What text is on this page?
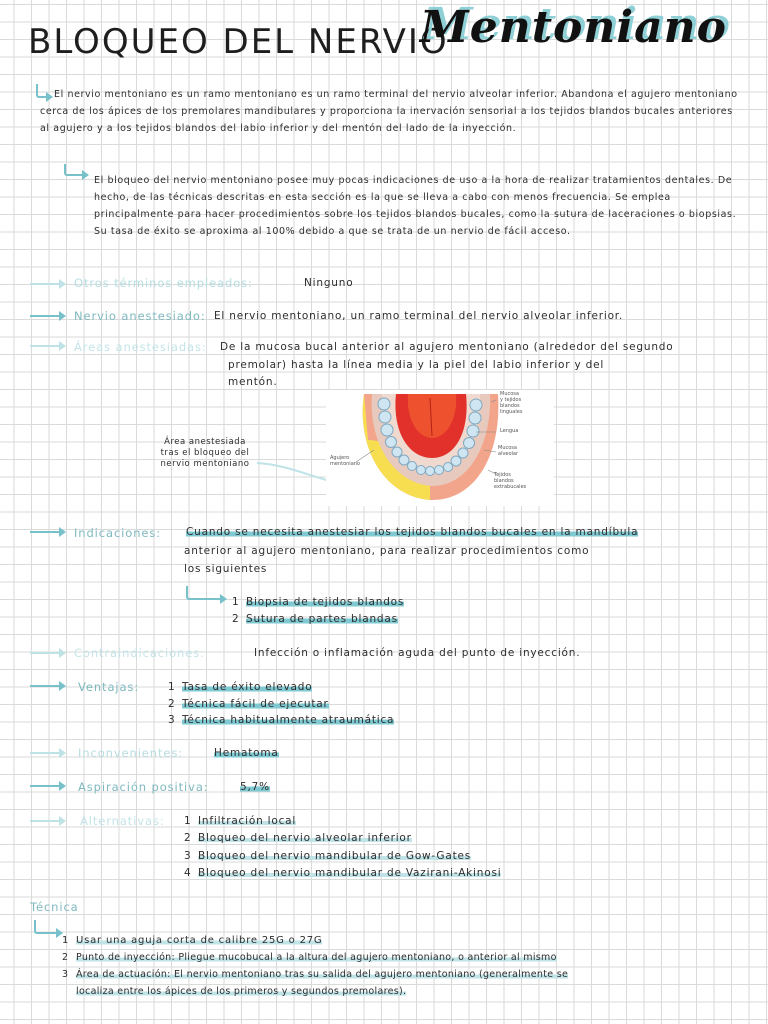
BLOQUEO DEL NERVIO
Mentoniano
El nervio mentoniano es un ramo mentoniano es un ramo terminal del nervio alveolar inferior. Abandona el agujero mentoniano cerca de los ápices de los premolares mandibulares y proporciona la inervación sensorial a los tejidos blandos bucales anteriores al agujero y a los tejidos blandos del labio inferior y del mentón del lado de la inyección.
El bloqueo del nervio mentoniano posee muy pocas indicaciones de uso a la hora de realizar tratamientos dentales. De hecho, de las técnicas descritas en esta sección es la que se lleva a cabo con menos frecuencia. Se emplea principalmente para hacer procedimientos sobre los tejidos blandos bucales, como la sutura de laceraciones o biopsias. Su tasa de éxito se aproxima al 100% debido a que se trata de un nervio de fácil acceso.
Otros términos empleados:	Ninguno
Nervio anestesiado: El nervio mentoniano, un ramo terminal del nervio alveolar inferior.
Áreas anestesiadas: De la mucosa bucal anterior al agujero mentoniano (alrededor del segundo
premolar) hasta la línea media y la piel del labio inferior y del
mentón.
Área anestesiada
tras el bloqueo del
nervio mentoniano
Mucosa
y tejidos
blandos
linguales
Lengua
Mucosa
alveolar
Agujero
mentoniano
Tejidos
blandos
extrabucales
Indicaciones: Cuando se necesita anestesiar los tejidos blandos bucales en la mandíbula
anterior al agujero mentoniano, para realizar procedimientos como
los siguientes
1 Biopsia de tejidos blandos
2 Sutura de partes blandas
Contraindicaciones:	Infección o inflamación aguda del punto de inyección.
Ventajas:	1 Tasa de éxito elevado
2 Técnica fácil de ejecutar
3 Técnica habitualmente atraumática
Inconvenientes:	Hematoma
Aspiración positiva:	5,7%
Alternativas: 1 Infiltración local
2 Bloqueo del nervio alveolar inferior
3 Bloqueo del nervio mandibular de Gow-Gates
4 Bloqueo del nervio mandibular de Vazirani-Akinosi
Técnica
1 Usar una aguja corta de calibre 25G o 27G
2 Punto de inyección: Pliegue mucobucal a la altura del agujero mentoniano, o anterior al mismo
3 Área de actuación: El nervio mentoniano tras su salida del agujero mentoniano (generalmente se
localiza entre los ápices de los primeros y segundos premolares).
